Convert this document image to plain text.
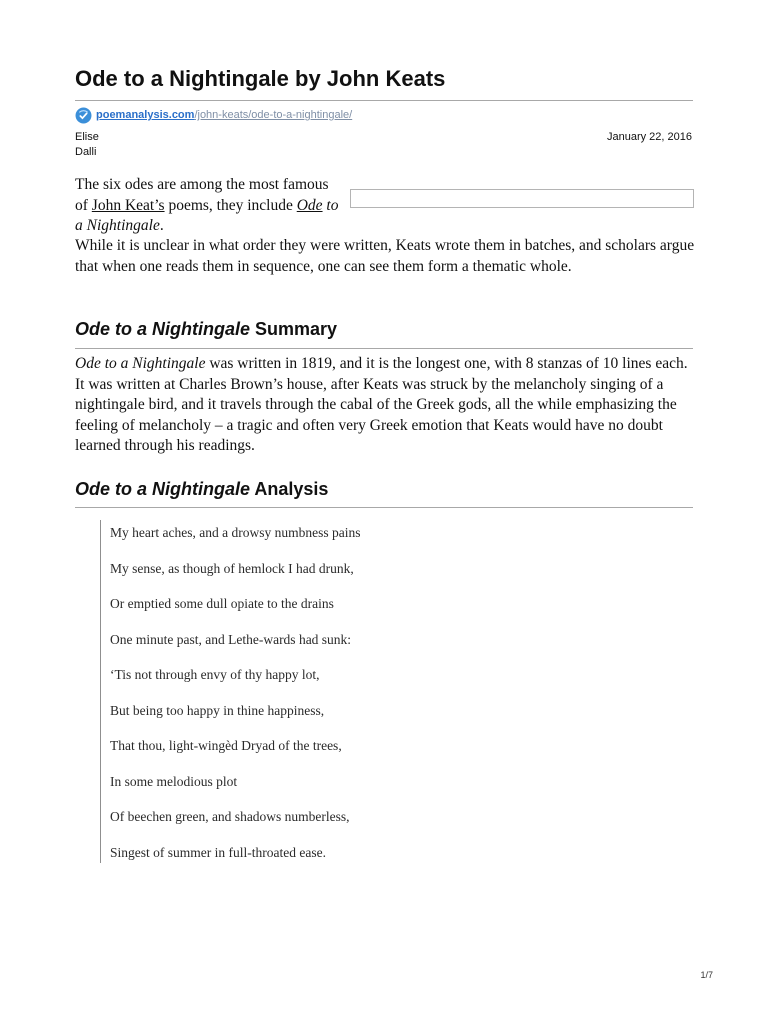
Ode to a Nightingale by John Keats
poemanalysis.com /john-keats/ode-to-a-nightingale/
Elise Dalli
January 22, 2016
The six odes are among the most famous of John Keat’s poems, they include Ode to a Nightingale.
While it is unclear in what order they were written, Keats wrote them in batches, and scholars argue that when one reads them in sequence, one can see them form a thematic whole.
Ode to a Nightingale Summary
Ode to a Nightingale was written in 1819, and it is the longest one, with 8 stanzas of 10 lines each. It was written at Charles Brown’s house, after Keats was struck by the melancholy singing of a nightingale bird, and it travels through the cabal of the Greek gods, all the while emphasizing the feeling of melancholy – a tragic and often very Greek emotion that Keats would have no doubt learned through his readings.
Ode to a Nightingale Analysis
My heart aches, and a drowsy numbness pains
My sense, as though of hemlock I had drunk,
Or emptied some dull opiate to the drains
One minute past, and Lethe-wards had sunk:
‘Tis not through envy of thy happy lot,
But being too happy in thine happiness,
That thou, light-wingèd Dryad of the trees,
In some melodious plot
Of beechen green, and shadows numberless,
Singest of summer in full-throated ease.
1/7
